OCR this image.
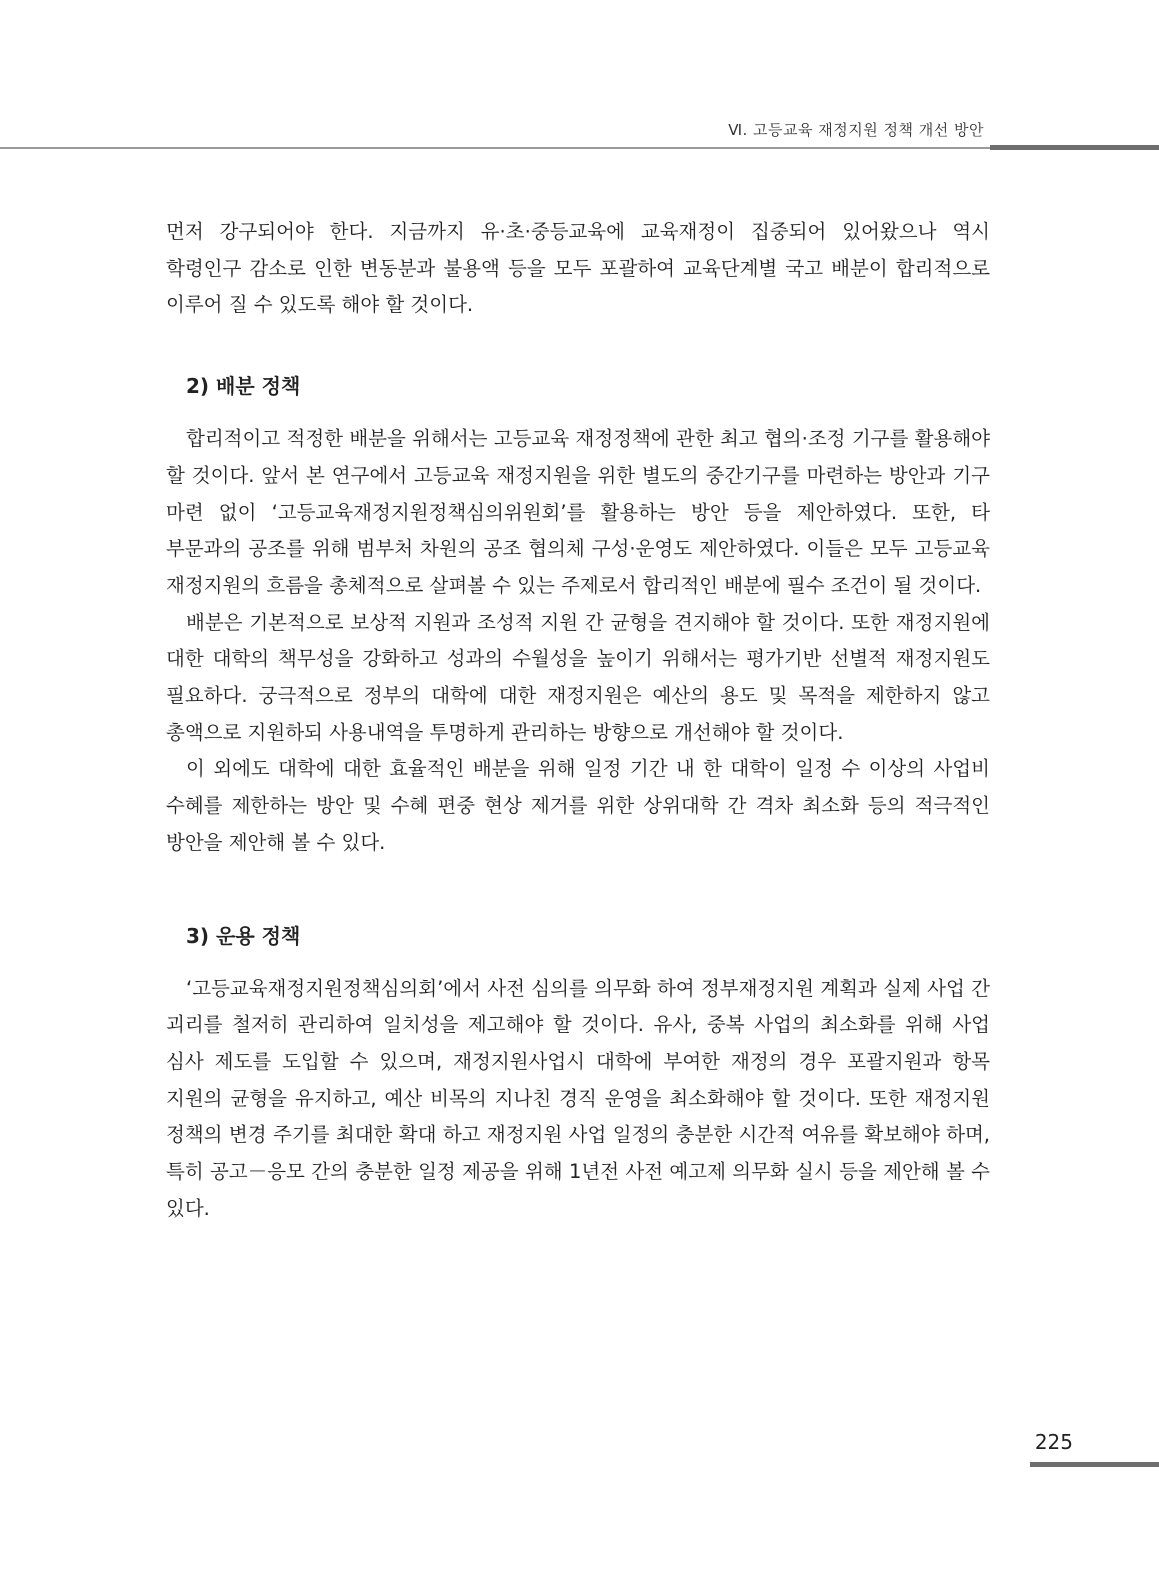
Ⅵ. 고등교육 재정지원 정책 개선 방안

먼저 강구되어야 한다. 지금까지 유·초·중등교육에 교육재정이 집중되어 있어왔으나 역시 학령인구 감소로 인한 변동분과 불용액 등을 모두 포괄하여 교육단계별 국고 배분이 합리적으로 이루어 질 수 있도록 해야 할 것이다.

2) 배분 정책

합리적이고 적정한 배분을 위해서는 고등교육 재정정책에 관한 최고 협의·조정 기구를 활용해야 할 것이다. 앞서 본 연구에서 고등교육 재정지원을 위한 별도의 중간기구를 마련하는 방안과 기구 마련 없이 ‘고등교육재정지원정책심의위원회’를 활용하는 방안 등을 제안하였다. 또한, 타 부문과의 공조를 위해 범부처 차원의 공조 협의체 구성·운영도 제안하였다. 이들은 모두 고등교육 재정지원의 흐름을 총체적으로 살펴볼 수 있는 주제로서 합리적인 배분에 필수 조건이 될 것이다.

배분은 기본적으로 보상적 지원과 조성적 지원 간 균형을 견지해야 할 것이다. 또한 재정지원에 대한 대학의 책무성을 강화하고 성과의 수월성을 높이기 위해서는 평가기반 선별적 재정지원도 필요하다. 궁극적으로 정부의 대학에 대한 재정지원은 예산의 용도 및 목적을 제한하지 않고 총액으로 지원하되 사용내역을 투명하게 관리하는 방향으로 개선해야 할 것이다.

이 외에도 대학에 대한 효율적인 배분을 위해 일정 기간 내 한 대학이 일정 수 이상의 사업비 수혜를 제한하는 방안 및 수혜 편중 현상 제거를 위한 상위대학 간 격차 최소화 등의 적극적인 방안을 제안해 볼 수 있다.

3) 운용 정책

‘고등교육재정지원정책심의회’에서 사전 심의를 의무화 하여 정부재정지원 계획과 실제 사업 간 괴리를 철저히 관리하여 일치성을 제고해야 할 것이다. 유사, 중복 사업의 최소화를 위해 사업 심사 제도를 도입할 수 있으며, 재정지원사업시 대학에 부여한 재정의 경우 포괄지원과 항목 지원의 균형을 유지하고, 예산 비목의 지나친 경직 운영을 최소화해야 할 것이다. 또한 재정지원 정책의 변경 주기를 최대한 확대 하고 재정지원 사업 일정의 충분한 시간적 여유를 확보해야 하며, 특히 공고－응모 간의 충분한 일정 제공을 위해 1년전 사전 예고제 의무화 실시 등을 제안해 볼 수 있다.

225
